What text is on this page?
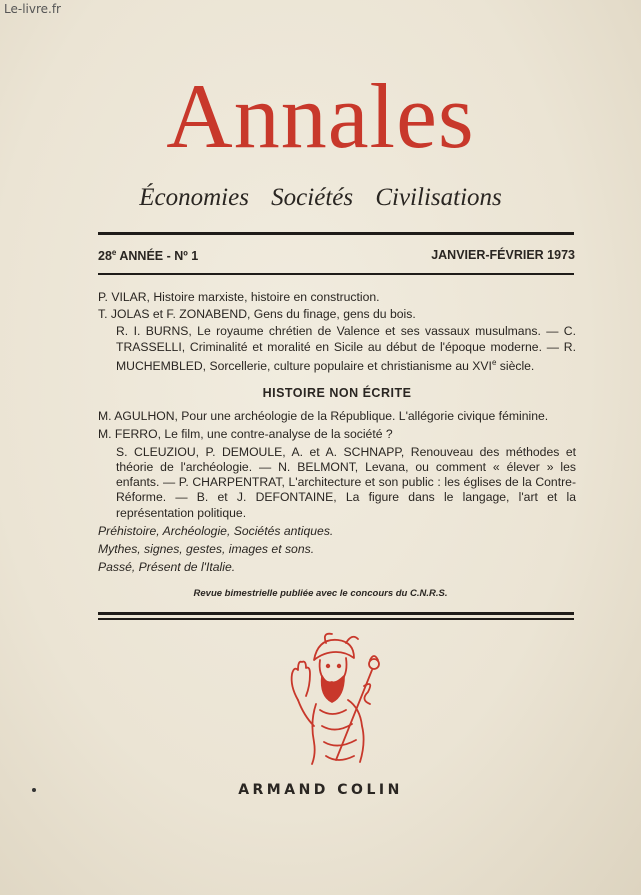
Le-livre.fr
Annales
Économies Sociétés Civilisations
28e ANNÉE - Nº 1	JANVIER-FÉVRIER 1973

P. VILAR, Histoire marxiste, histoire en construction.

T. JOLAS et F. ZONABEND, Gens du finage, gens du bois.

R. I. BURNS, Le royaume chrétien de Valence et ses vassaux musulmans. — C. TRASSELLI, Criminalité et moralité en Sicile au début de l'époque moderne. — R. MUCHEMBLED, Sorcellerie, culture populaire et christianisme au XVIe siècle.

HISTOIRE NON ÉCRITE

M. AGULHON, Pour une archéologie de la République. L'allégorie civique féminine.

M. FERRO, Le film, une contre-analyse de la société ?

S. CLEUZIOU, P. DEMOULE, A. et A. SCHNAPP, Renouveau des méthodes et théorie de l'archéologie. — N. BELMONT, Levana, ou comment « élever » les enfants. — P. CHARPENTRAT, L'architecture et son public : les églises de la Contre-Réforme. — B. et J. DEFONTAINE, La figure dans le langage, l'art et la représentation politique.

Préhistoire, Archéologie, Sociétés antiques.

Mythes, signes, gestes, images et sons.

Passé, Présent de l'Italie.

Revue bimestrielle publiée avec le concours du C.N.R.S.
ARMAND COLIN
